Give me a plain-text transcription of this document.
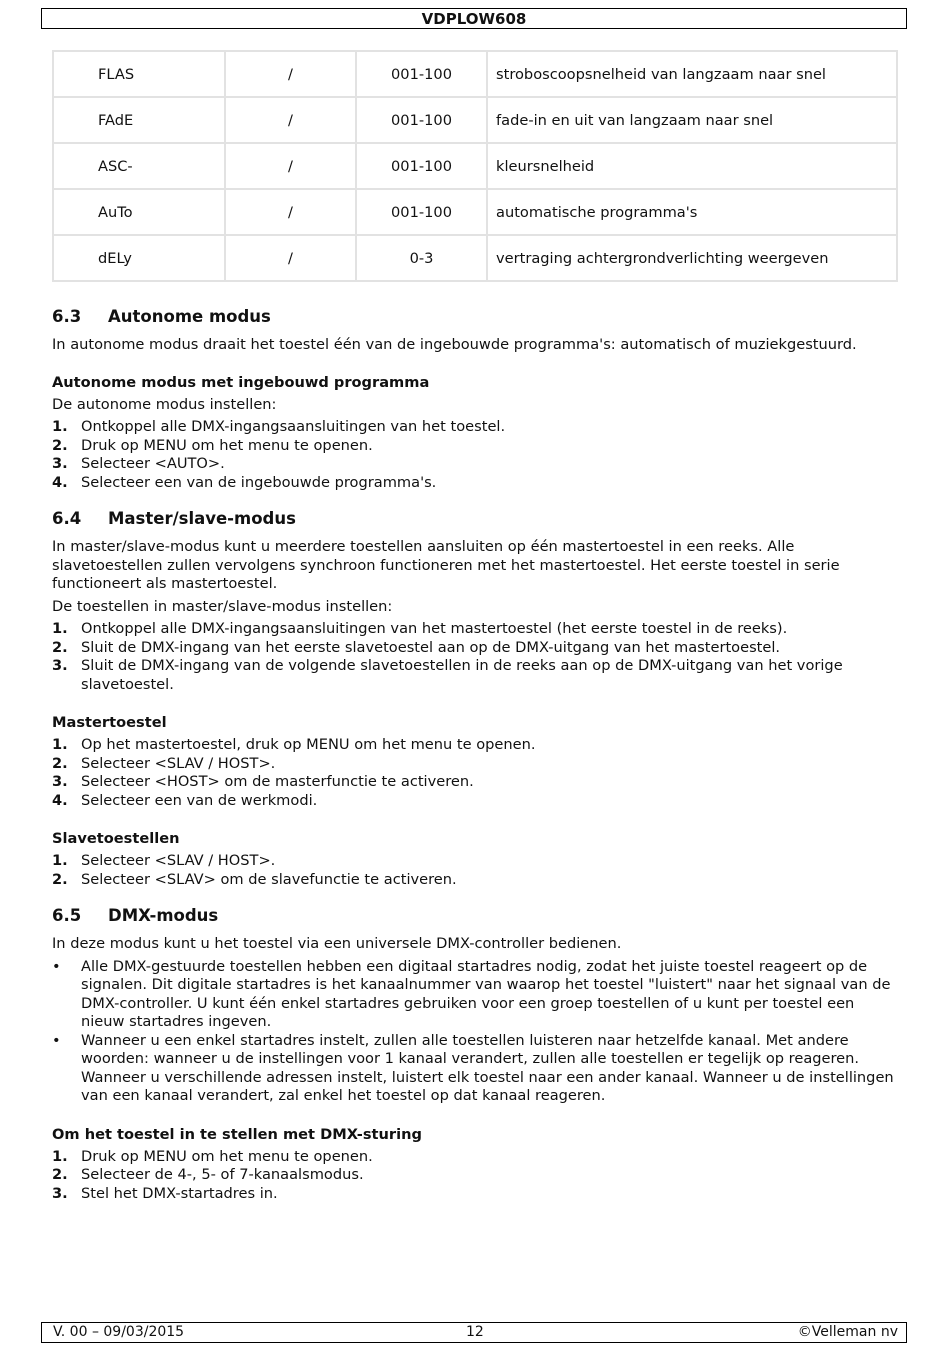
VDPLOW608
FLAS	/	001-100	stroboscoopsnelheid van langzaam naar snel
FAdE	/	001-100	fade-in en uit van langzaam naar snel
ASC-	/	001-100	kleursnelheid
AuTo	/	001-100	automatische programma's
dELy	/	0-3	vertraging achtergrondverlichting weergeven
6.3 Autonome modus

In autonome modus draait het toestel één van de ingebouwde programma's: automatisch of muziekgestuurd.

Autonome modus met ingebouwd programma

De autonome modus instellen:

1. Ontkoppel alle DMX-ingangsaansluitingen van het toestel.
2. Druk op MENU om het menu te openen.
3. Selecteer <AUTO>.
4. Selecteer een van de ingebouwde programma's.
6.4 Master/slave-modus

In master/slave-modus kunt u meerdere toestellen aansluiten op één mastertoestel in een reeks. Alle slavetoestellen zullen vervolgens synchroon functioneren met het mastertoestel. Het eerste toestel in serie functioneert als mastertoestel.

De toestellen in master/slave-modus instellen:

1. Ontkoppel alle DMX-ingangsaansluitingen van het mastertoestel (het eerste toestel in de reeks).
2. Sluit de DMX-ingang van het eerste slavetoestel aan op de DMX-uitgang van het mastertoestel.
3. Sluit de DMX-ingang van de volgende slavetoestellen in de reeks aan op de DMX-uitgang van het vorige slavetoestel.
Mastertoestel
1. Op het mastertoestel, druk op MENU om het menu te openen.
2. Selecteer <SLAV / HOST>.
3. Selecteer <HOST> om de masterfunctie te activeren.
4. Selecteer een van de werkmodi.
Slavetoestellen
1. Selecteer <SLAV / HOST>.
2. Selecteer <SLAV> om de slavefunctie te activeren.
6.5 DMX-modus

In deze modus kunt u het toestel via een universele DMX-controller bedienen.

• Alle DMX-gestuurde toestellen hebben een digitaal startadres nodig, zodat het juiste toestel reageert op de signalen. Dit digitale startadres is het kanaalnummer van waarop het toestel "luistert" naar het signaal van de DMX-controller. U kunt één enkel startadres gebruiken voor een groep toestellen of u kunt per toestel een nieuw startadres ingeven.
• Wanneer u een enkel startadres instelt, zullen alle toestellen luisteren naar hetzelfde kanaal. Met andere woorden: wanneer u de instellingen voor 1 kanaal verandert, zullen alle toestellen er tegelijk op reageren. Wanneer u verschillende adressen instelt, luistert elk toestel naar een ander kanaal. Wanneer u de instellingen van een kanaal verandert, zal enkel het toestel op dat kanaal reageren.
Om het toestel in te stellen met DMX-sturing
1. Druk op MENU om het menu te openen.
2. Selecteer de 4-, 5- of 7-kanaalsmodus.
3. Stel het DMX-startadres in.
V. 00 – 09/03/2015	12	©Velleman nv
